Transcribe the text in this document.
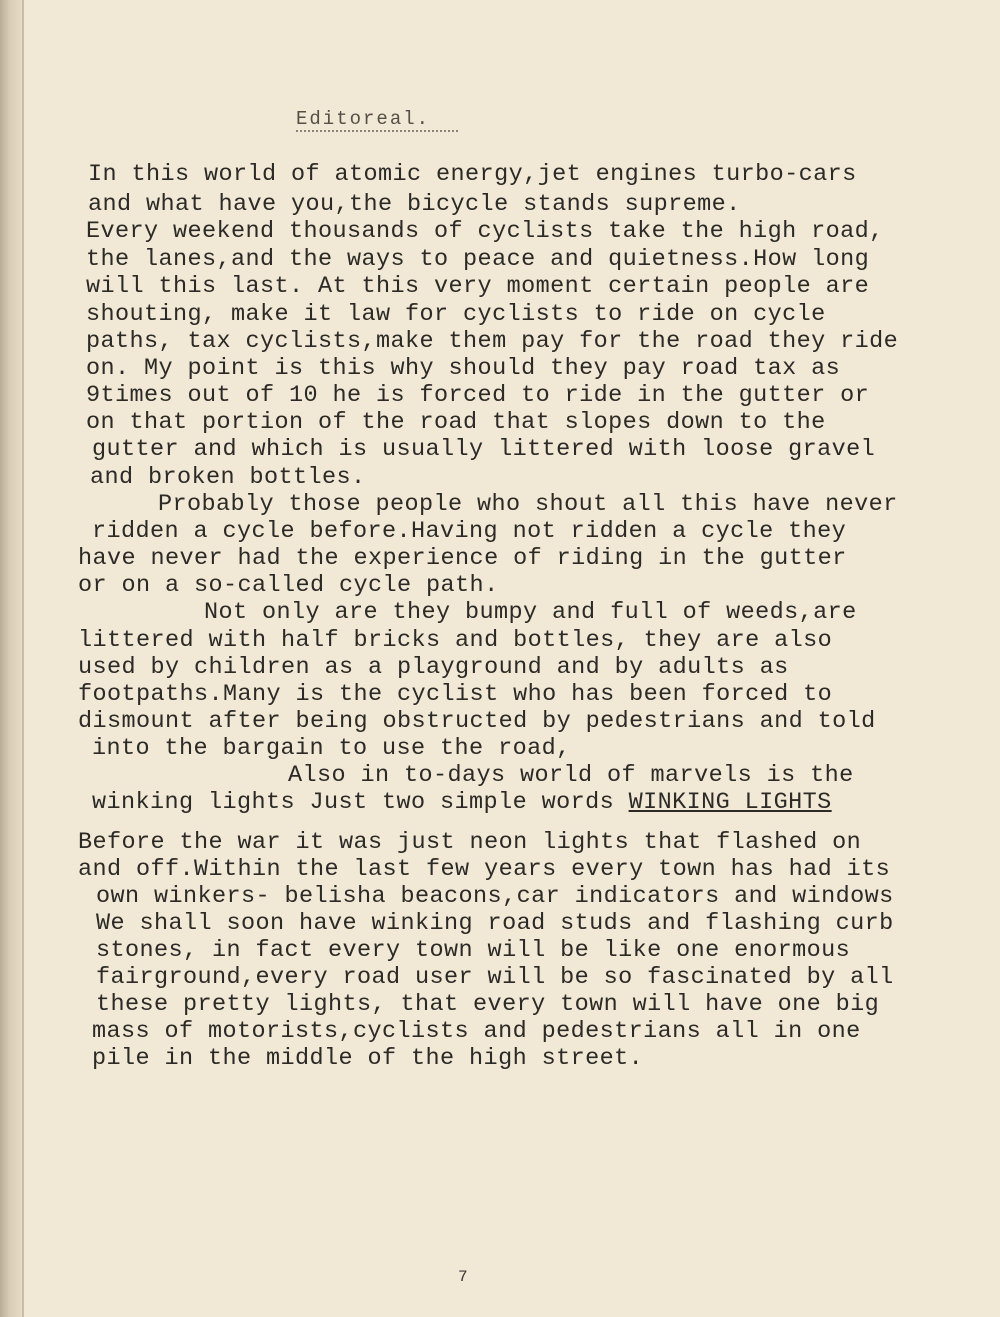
Editoreal.

In this world of atomic energy,jet engines turbo-cars

and what have you,the bicycle stands supreme.

Every weekend thousands of cyclists take the high road,

the lanes,and the ways to peace and quietness.How long

will this last. At this very moment certain people are

shouting, make it law for cyclists to ride on cycle

paths, tax cyclists,make them pay for the road they ride

on. My point is this why should they pay road tax as

9times out of 10 he is forced to ride in the gutter or

on that portion of the road that slopes down to the

gutter and which is usually littered with loose gravel

and broken bottles.

Probably those people who shout all this have never

ridden a cycle before.Having not ridden a cycle they

have never had the experience of riding in the gutter

or on a so-called cycle path.

Not only are they bumpy and full of weeds,are

littered with half bricks and bottles, they are also

used by children as a playground and by adults as

footpaths.Many is the cyclist who has been forced to

dismount after being obstructed by pedestrians and told

into the bargain to use the road,

Also in to-days world of marvels is the

winking lights Just two simple words WINKING LIGHTS

Before the war it was just neon lights that flashed on

and off.Within the last few years every town has had its

own winkers- belisha beacons,car indicators and windows

We shall soon have winking road studs and flashing curb

stones, in fact every town will be like one enormous

fairground,every road user will be so fascinated by all

these pretty lights, that every town will have one big

mass of motorists,cyclists and pedestrians all in one

pile in the middle of the high street.

7
